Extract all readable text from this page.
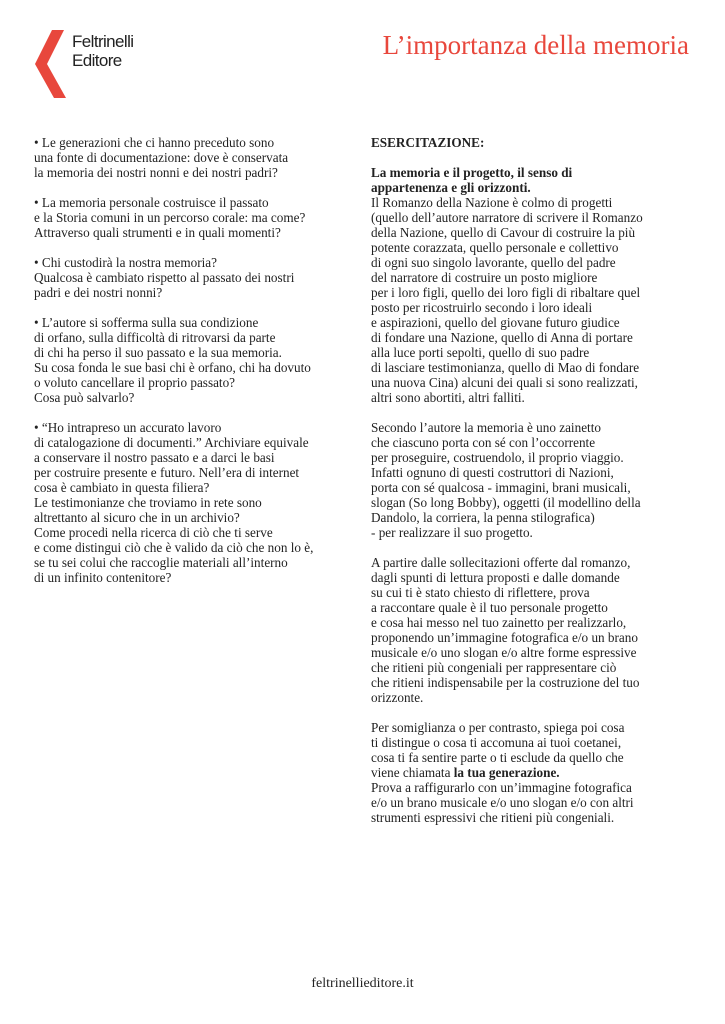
Feltrinelli
Editore
L’importanza della memoria
• Le generazioni che ci hanno preceduto sono
una fonte di documentazione: dove è conservata
la memoria dei nostri nonni e dei nostri padri?
• La memoria personale costruisce il passato
e la Storia comuni in un percorso corale: ma come?
Attraverso quali strumenti e in quali momenti?
• Chi custodirà la nostra memoria?
Qualcosa è cambiato rispetto al passato dei nostri
padri e dei nostri nonni?
• L’autore si sofferma sulla sua condizione
di orfano, sulla difficoltà di ritrovarsi da parte
di chi ha perso il suo passato e la sua memoria.
Su cosa fonda le sue basi chi è orfano, chi ha dovuto
o voluto cancellare il proprio passato?
Cosa può salvarlo?
• “Ho intrapreso un accurato lavoro
di catalogazione di documenti.” Archiviare equivale
a conservare il nostro passato e a darci le basi
per costruire presente e futuro. Nell’era di internet
cosa è cambiato in questa filiera?
Le testimonianze che troviamo in rete sono
altrettanto al sicuro che in un archivio?
Come procedi nella ricerca di ciò che ti serve
e come distingui ciò che è valido da ciò che non lo è,
se tu sei colui che raccoglie materiali all’interno
di un infinito contenitore?
ESERCITAZIONE:
La memoria e il progetto, il senso di
appartenenza e gli orizzonti.
Il Romanzo della Nazione è colmo di progetti
(quello dell’autore narratore di scrivere il Romanzo
della Nazione, quello di Cavour di costruire la più
potente corazzata, quello personale e collettivo
di ogni suo singolo lavorante, quello del padre
del narratore di costruire un posto migliore
per i loro figli, quello dei loro figli di ribaltare quel
posto per ricostruirlo secondo i loro ideali
e aspirazioni, quello del giovane futuro giudice
di fondare una Nazione, quello di Anna di portare
alla luce porti sepolti, quello di suo padre
di lasciare testimonianza, quello di Mao di fondare
una nuova Cina) alcuni dei quali si sono realizzati,
altri sono abortiti, altri falliti.
Secondo l’autore la memoria è uno zainetto
che ciascuno porta con sé con l’occorrente
per proseguire, costruendolo, il proprio viaggio.
Infatti ognuno di questi costruttori di Nazioni,
porta con sé qualcosa - immagini, brani musicali,
slogan (So long Bobby), oggetti (il modellino della
Dandolo, la corriera, la penna stilografica)
- per realizzare il suo progetto.
A partire dalle sollecitazioni offerte dal romanzo,
dagli spunti di lettura proposti e dalle domande
su cui ti è stato chiesto di riflettere, prova
a raccontare quale è il tuo personale progetto
e cosa hai messo nel tuo zainetto per realizzarlo,
proponendo un’immagine fotografica e/o un brano
musicale e/o uno slogan e/o altre forme espressive
che ritieni più congeniali per rappresentare ciò
che ritieni indispensabile per la costruzione del tuo
orizzonte.
Per somiglianza o per contrasto, spiega poi cosa
ti distingue o cosa ti accomuna ai tuoi coetanei,
cosa ti fa sentire parte o ti esclude da quello che
viene chiamata la tua generazione.
Prova a raffigurarlo con un’immagine fotografica
e/o un brano musicale e/o uno slogan e/o con altri
strumenti espressivi che ritieni più congeniali.
feltrinellieditore.it
